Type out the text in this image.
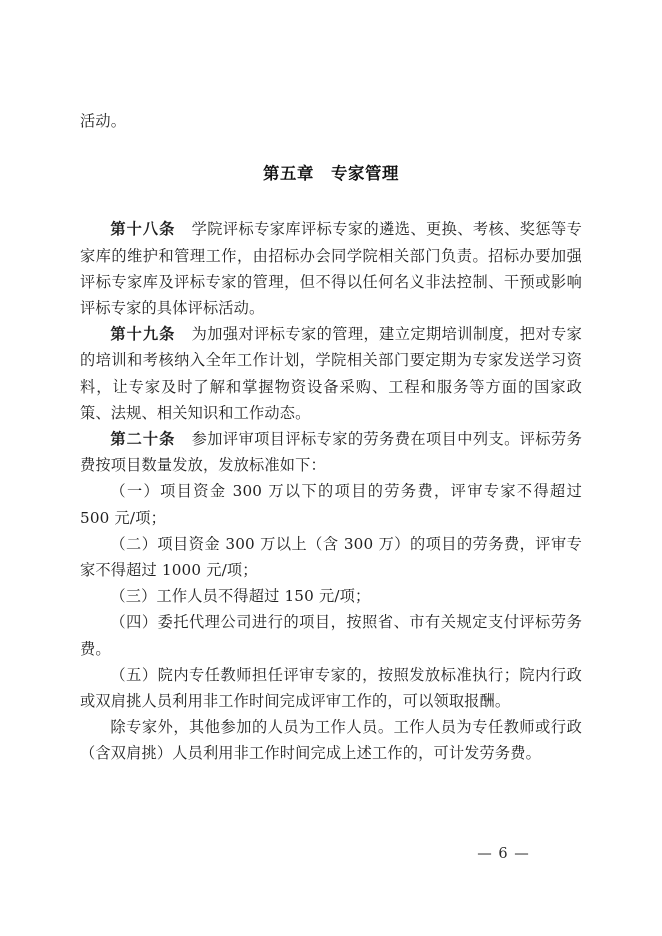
活动。

第五章　专家管理

第十八条 学院评标专家库评标专家的遴选、更换、考核、奖惩等专家库的维护和管理工作，由招标办会同学院相关部门负责。招标办要加强评标专家库及评标专家的管理，但不得以任何名义非法控制、干预或影响评标专家的具体评标活动。

第十九条 为加强对评标专家的管理，建立定期培训制度，把对专家的培训和考核纳入全年工作计划，学院相关部门要定期为专家发送学习资料，让专家及时了解和掌握物资设备采购、工程和服务等方面的国家政策、法规、相关知识和工作动态。

第二十条 参加评审项目评标专家的劳务费在项目中列支。评标劳务费按项目数量发放，发放标准如下：

（一）项目资金 300 万以下的项目的劳务费，评审专家不得超过 500 元/项；

（二）项目资金 300 万以上（含 300 万）的项目的劳务费，评审专家不得超过 1000 元/项；

（三）工作人员不得超过 150 元/项；

（四）委托代理公司进行的项目，按照省、市有关规定支付评标劳务费。

（五）院内专任教师担任评审专家的，按照发放标准执行；院内行政或双肩挑人员利用非工作时间完成评审工作的，可以领取报酬。

除专家外，其他参加的人员为工作人员。工作人员为专任教师或行政（含双肩挑）人员利用非工作时间完成上述工作的，可计发劳务费。

— 6 —
